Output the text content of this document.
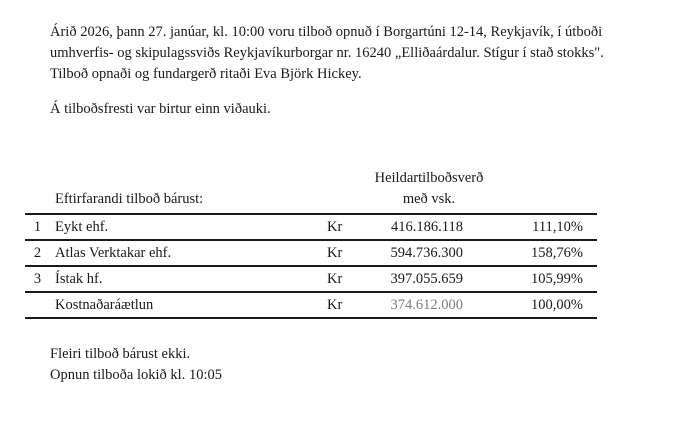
Árið 2026, þann 27. janúar, kl. 10:00 voru tilboð opnuð í Borgartúni 12-14, Reykjavík, í útboði
umhverfis- og skipulagssviðs Reykjavíkurborgar nr. 16240 „Elliðaárdalur. Stígur í stað stokks".
Tilboð opnaði og fundargerð ritaði Eva Björk Hickey.
Á tilboðsfresti var birtur einn viðauki.
Eftirfarandi tilboð bárust:
Heildartilboðsverð
með vsk.
1 Eykt ehf.	Kr	416.186.118	111,10%
2 Atlas Verktakar ehf.	Kr	594.736.300	158,76%
3 Ístak hf.	Kr	397.055.659	105,99%
Kostnaðaráætlun	Kr	374.612.000	100,00%
Fleiri tilboð bárust ekki.
Opnun tilboða lokið kl. 10:05
